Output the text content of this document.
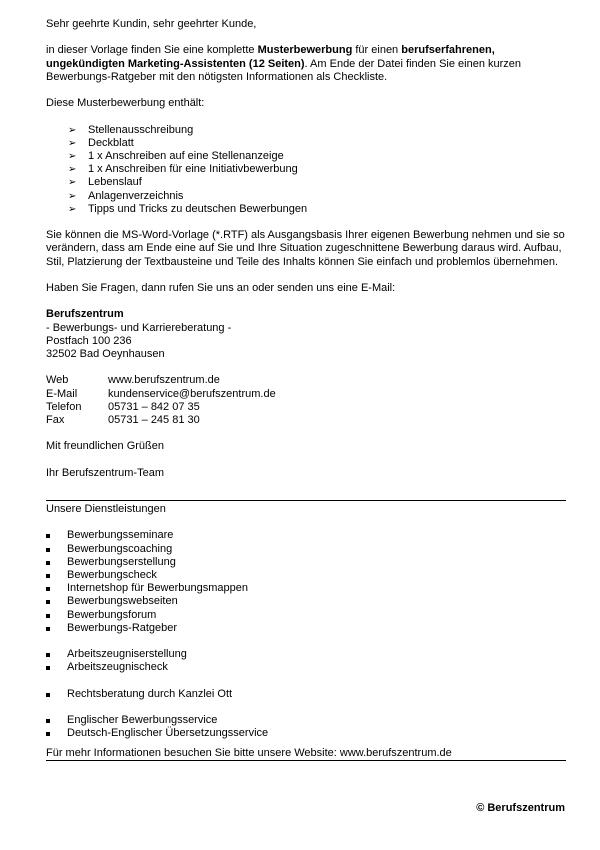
Sehr geehrte Kundin, sehr geehrter Kunde,

in dieser Vorlage finden Sie eine komplette Musterbewerbung für einen berufserfahrenen, ungekündigten Marketing-Assistenten (12 Seiten). Am Ende der Datei finden Sie einen kurzen Bewerbungs-Ratgeber mit den nötigsten Informationen als Checkliste.

Diese Musterbewerbung enthält:

➢ Stellenausschreibung
➢ Deckblatt
➢ 1 x Anschreiben auf eine Stellenanzeige
➢ 1 x Anschreiben für eine Initiativbewerbung
➢ Lebenslauf
➢ Anlagenverzeichnis
➢ Tipps und Tricks zu deutschen Bewerbungen

Sie können die MS-Word-Vorlage (*.RTF) als Ausgangsbasis Ihrer eigenen Bewerbung nehmen und sie so verändern, dass am Ende eine auf Sie und Ihre Situation zugeschnittene Bewerbung daraus wird. Aufbau, Stil, Platzierung der Textbausteine und Teile des Inhalts können Sie einfach und problemlos übernehmen.

Haben Sie Fragen, dann rufen Sie uns an oder senden uns eine E-Mail:

Berufszentrum

- Bewerbungs- und Karriereberatung -

Postfach 100 236

32502 Bad Oeynhausen

Web	www.berufszentrum.de
E-Mail	kundenservice@berufszentrum.de
Telefon	05731 – 842 07 35
Fax	05731 – 245 81 30

Mit freundlichen Grüßen

Ihr Berufszentrum-Team

Unsere Dienstleistungen

Bewerbungsseminare
Bewerbungscoaching
Bewerbungserstellung
Bewerbungscheck
Internetshop für Bewerbungsmappen
Bewerbungswebseiten
Bewerbungsforum
Bewerbungs-Ratgeber
Arbeitszeugniserstellung
Arbeitszeugnischeck
Rechtsberatung durch Kanzlei Ott
Englischer Bewerbungsservice
Deutsch-Englischer Übersetzungsservice

Für mehr Informationen besuchen Sie bitte unsere Website: www.berufszentrum.de

© Berufszentrum
